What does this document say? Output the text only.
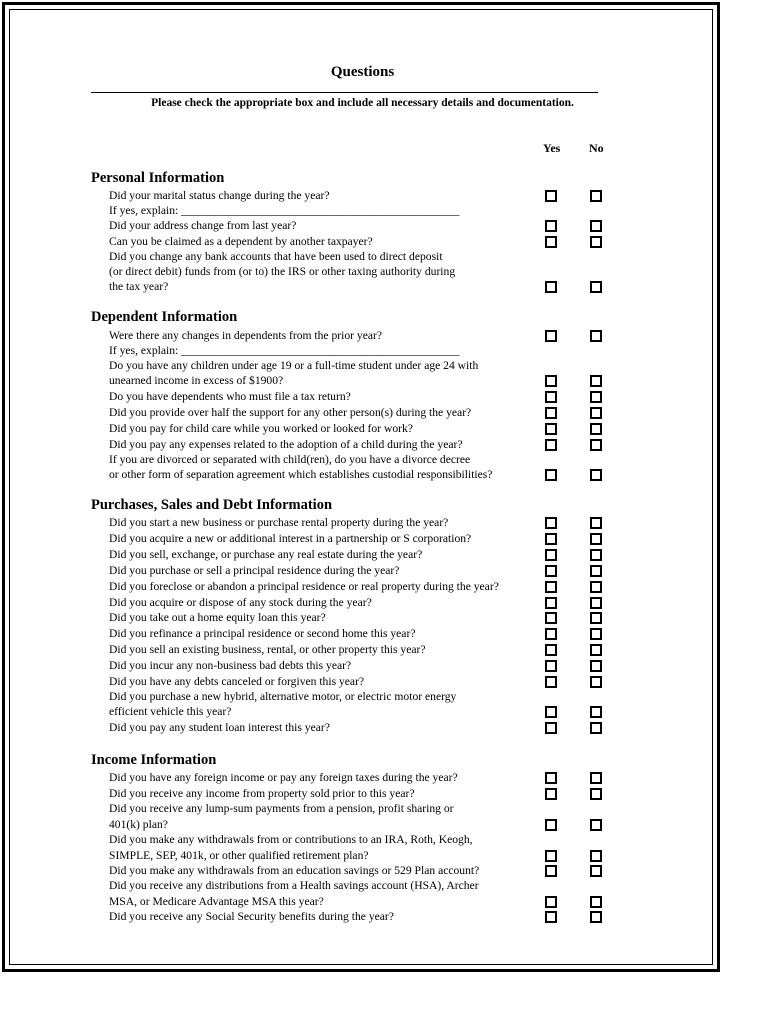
Questions
Please check the appropriate box and include all necessary details and documentation.
Yes No
Personal Information
Did your marital status change during the year?
If yes, explain: ________________________________________________
Did your address change from last year?
Can you be claimed as a dependent by another taxpayer?
Did you change any bank accounts that have been used to direct deposit
(or direct debit) funds from (or to) the IRS or other taxing authority during
the tax year?
Dependent Information
Were there any changes in dependents from the prior year?
If yes, explain: ________________________________________________
Do you have any children under age 19 or a full-time student under age 24 with
unearned income in excess of $1900?
Do you have dependents who must file a tax return?
Did you provide over half the support for any other person(s) during the year?
Did you pay for child care while you worked or looked for work?
Did you pay any expenses related to the adoption of a child during the year?
If you are divorced or separated with child(ren), do you have a divorce decree
or other form of separation agreement which establishes custodial responsibilities?
Purchases, Sales and Debt Information
Did you start a new business or purchase rental property during the year?
Did you acquire a new or additional interest in a partnership or S corporation?
Did you sell, exchange, or purchase any real estate during the year?
Did you purchase or sell a principal residence during the year?
Did you foreclose or abandon a principal residence or real property during the year?
Did you acquire or dispose of any stock during the year?
Did you take out a home equity loan this year?
Did you refinance a principal residence or second home this year?
Did you sell an existing business, rental, or other property this year?
Did you incur any non-business bad debts this year?
Did you have any debts canceled or forgiven this year?
Did you purchase a new hybrid, alternative motor, or electric motor energy
efficient vehicle this year?
Did you pay any student loan interest this year?
Income Information
Did you have any foreign income or pay any foreign taxes during the year?
Did you receive any income from property sold prior to this year?
Did you receive any lump-sum payments from a pension, profit sharing or
401(k) plan?
Did you make any withdrawals from or contributions to an IRA, Roth, Keogh,
SIMPLE, SEP, 401k, or other qualified retirement plan?
Did you make any withdrawals from an education savings or 529 Plan account?
Did you receive any distributions from a Health savings account (HSA), Archer
MSA, or Medicare Advantage MSA this year?
Did you receive any Social Security benefits during the year?
